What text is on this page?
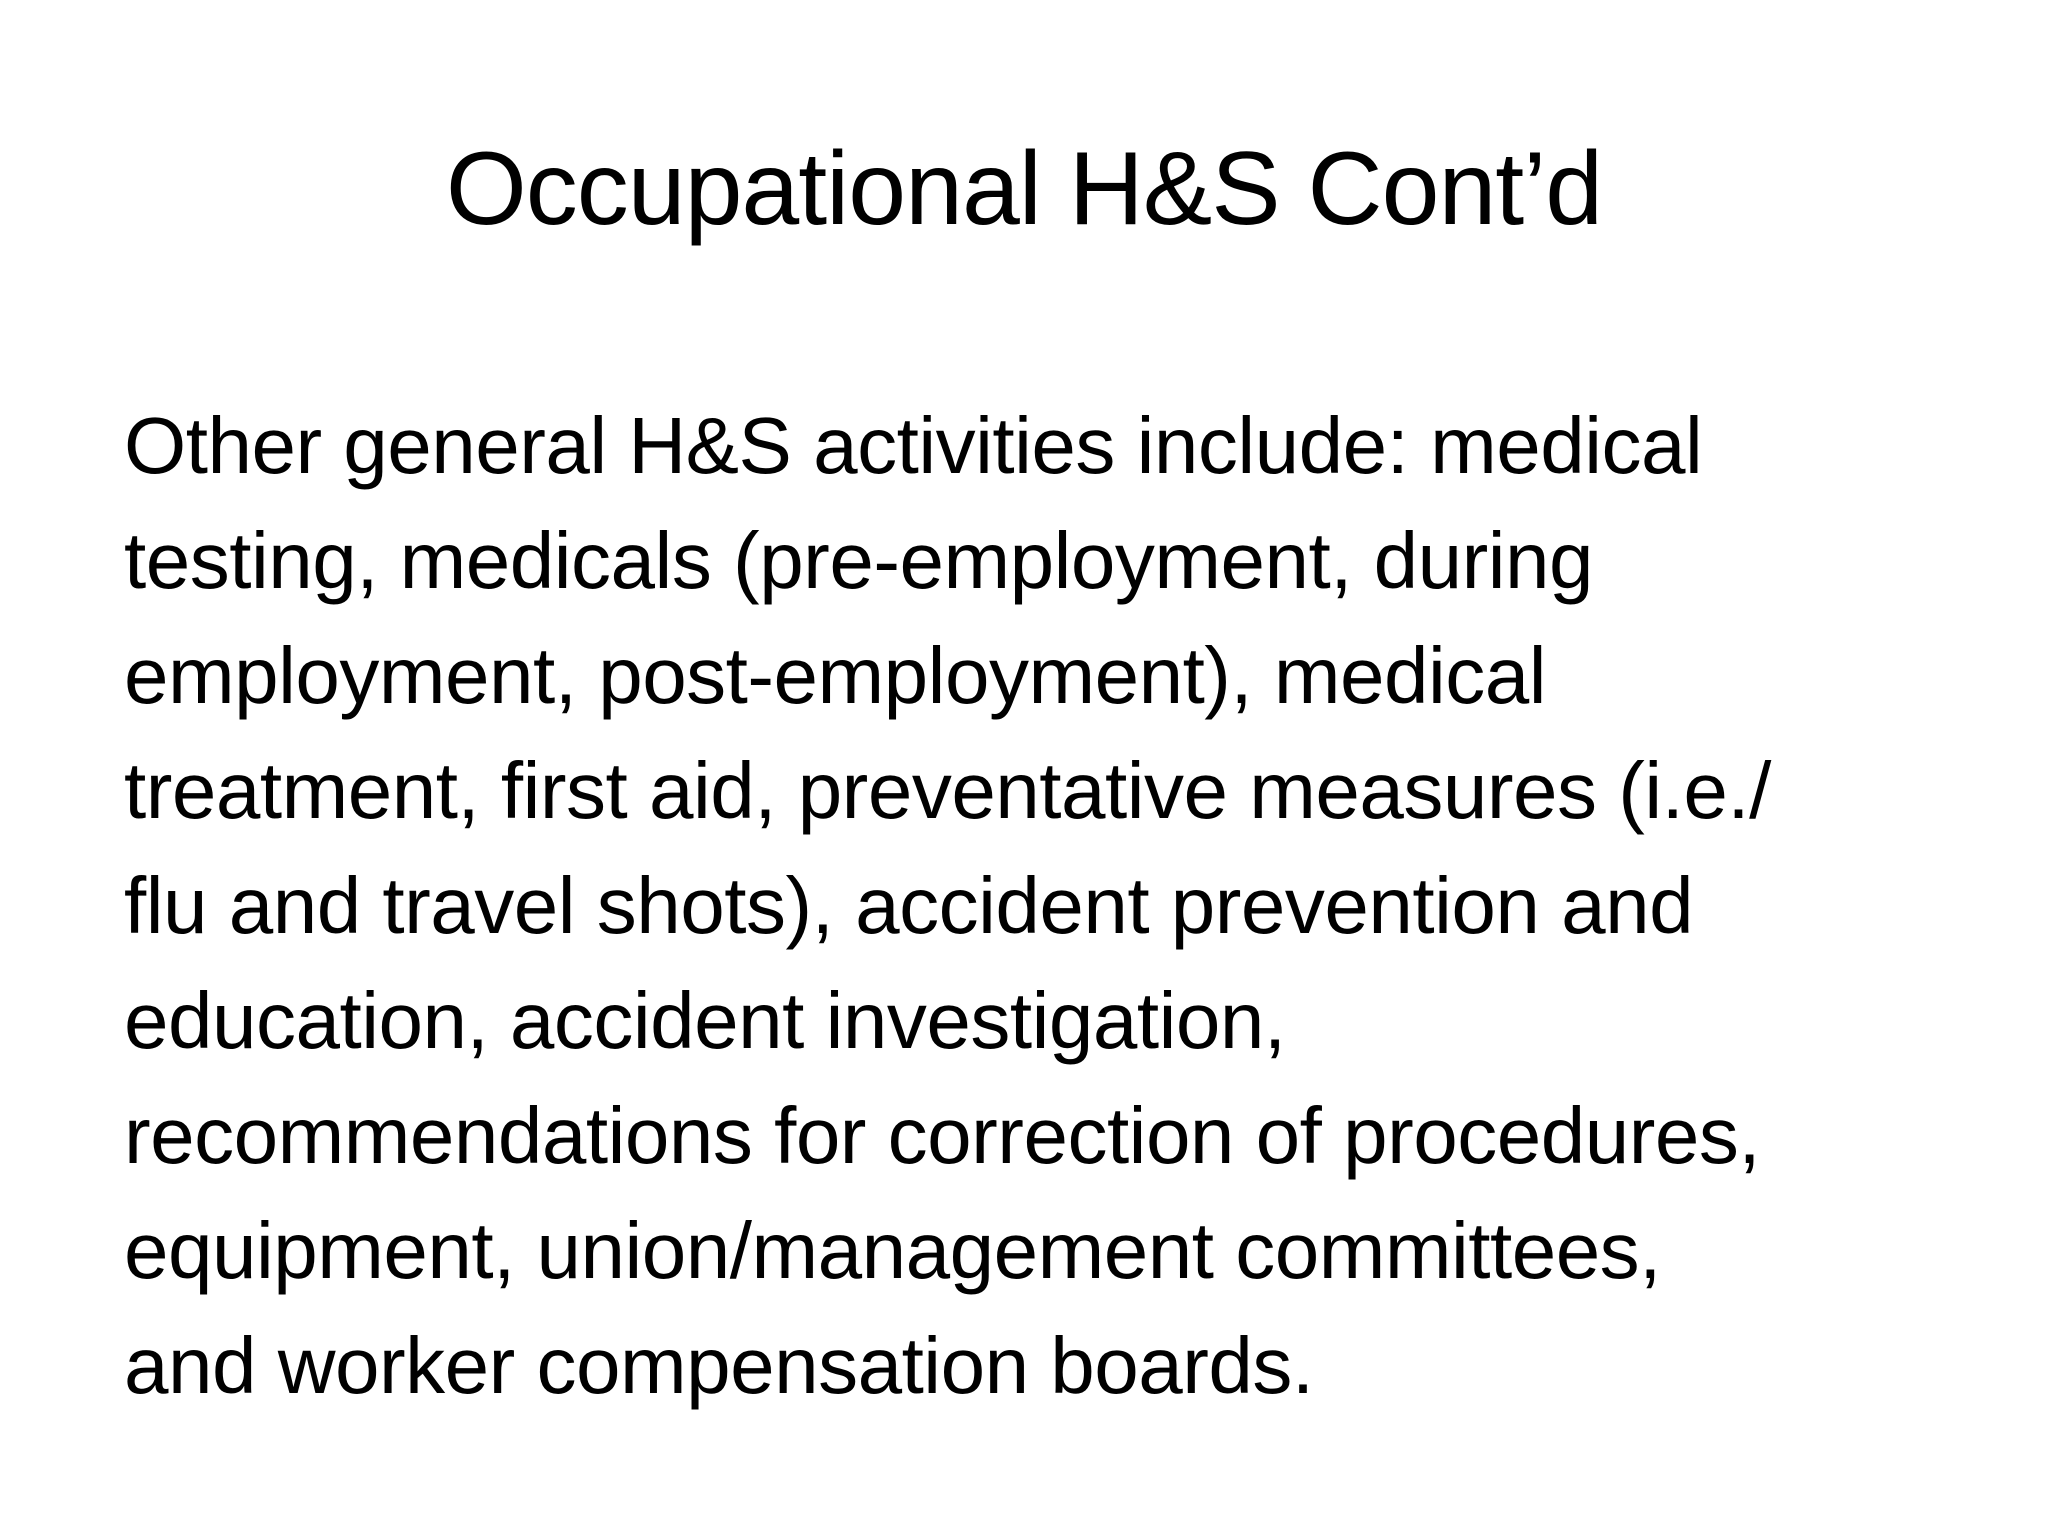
Occupational H&S Cont’d
Other general H&S activities include: medical
testing, medicals (pre-employment, during
employment, post-employment), medical
treatment, first aid, preventative measures (i.e./
flu and travel shots), accident prevention and
education, accident investigation,
recommendations for correction of procedures,
equipment, union/management committees,
and worker compensation boards.
